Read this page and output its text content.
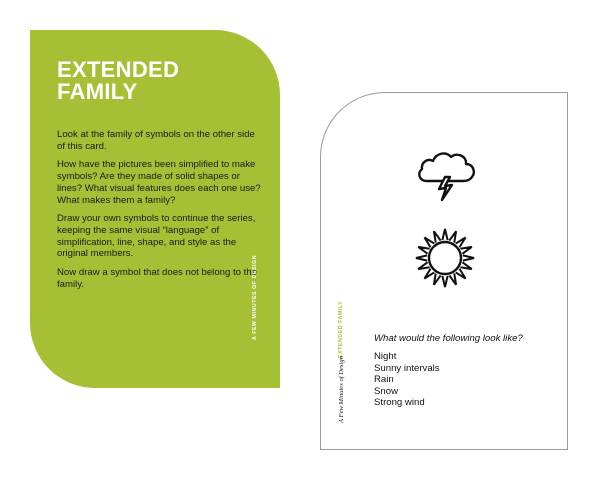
EXTENDED
FAMILY

Look at the family of symbols on the other side of this card.

How have the pictures been simplified to make symbols? Are they made of solid shapes or lines? What visual features does each one use? What makes them a family?

Draw your own symbols to continue the series, keeping the same visual “language” of simplification, line, shape, and style as the original members.

Now draw a symbol that does not belong to the family.	A FEW MINUTES OF DESIGN	EXTENDED FAMILY
A Few Minutes of Design
What would the following look like?
Night
Sunny intervals
Rain
Snow
Strong wind
